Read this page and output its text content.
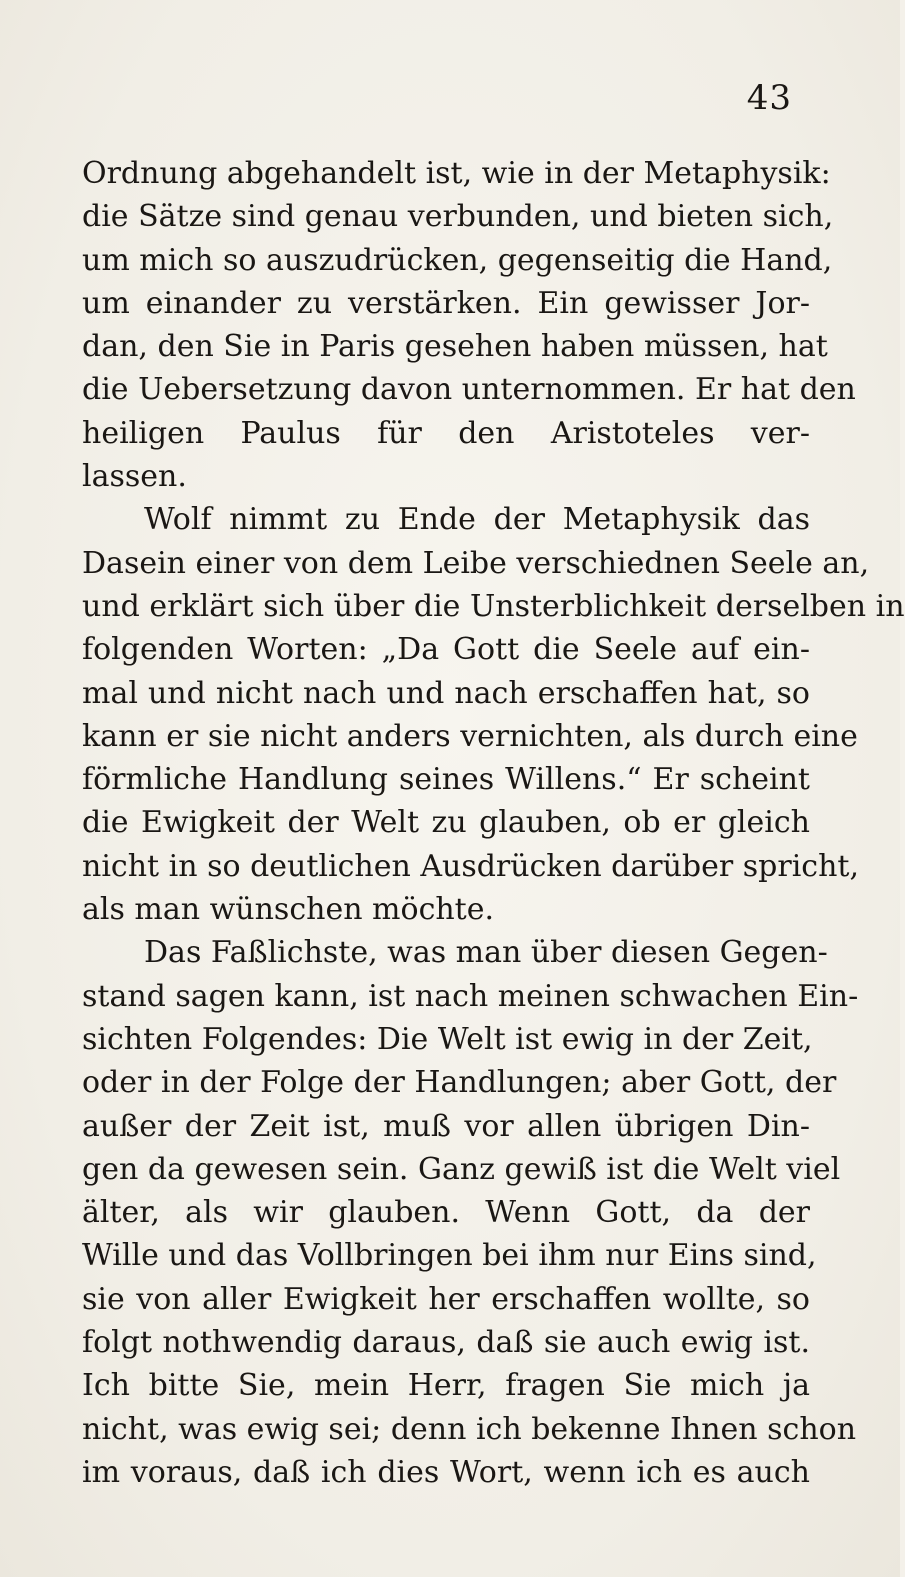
43
Ordnung abgehandelt ist, wie in der Metaphysik:
die Sätze sind genau verbunden, und bieten sich,
um mich so auszudrücken, gegenseitig die Hand,
um einander zu verstärken. Ein gewisser Jor-
dan, den Sie in Paris gesehen haben müssen, hat
die Uebersetzung davon unternommen. Er hat den
heiligen Paulus für den Aristoteles ver-
lassen.
Wolf nimmt zu Ende der Metaphysik das
Dasein einer von dem Leibe verschiednen Seele an,
und erklärt sich über die Unsterblichkeit derselben in
folgenden Worten: „Da Gott die Seele auf ein-
mal und nicht nach und nach erschaffen hat, so
kann er sie nicht anders vernichten, als durch eine
förmliche Handlung seines Willens.“ Er scheint
die Ewigkeit der Welt zu glauben, ob er gleich
nicht in so deutlichen Ausdrücken darüber spricht,
als man wünschen möchte.
Das Faßlichste, was man über diesen Gegen-
stand sagen kann, ist nach meinen schwachen Ein-
sichten Folgendes: Die Welt ist ewig in der Zeit,
oder in der Folge der Handlungen; aber Gott, der
außer der Zeit ist, muß vor allen übrigen Din-
gen da gewesen sein. Ganz gewiß ist die Welt viel
älter, als wir glauben. Wenn Gott, da der
Wille und das Vollbringen bei ihm nur Eins sind,
sie von aller Ewigkeit her erschaffen wollte, so
folgt nothwendig daraus, daß sie auch ewig ist.
Ich bitte Sie, mein Herr, fragen Sie mich ja
nicht, was ewig sei; denn ich bekenne Ihnen schon
im voraus, daß ich dies Wort, wenn ich es auch
